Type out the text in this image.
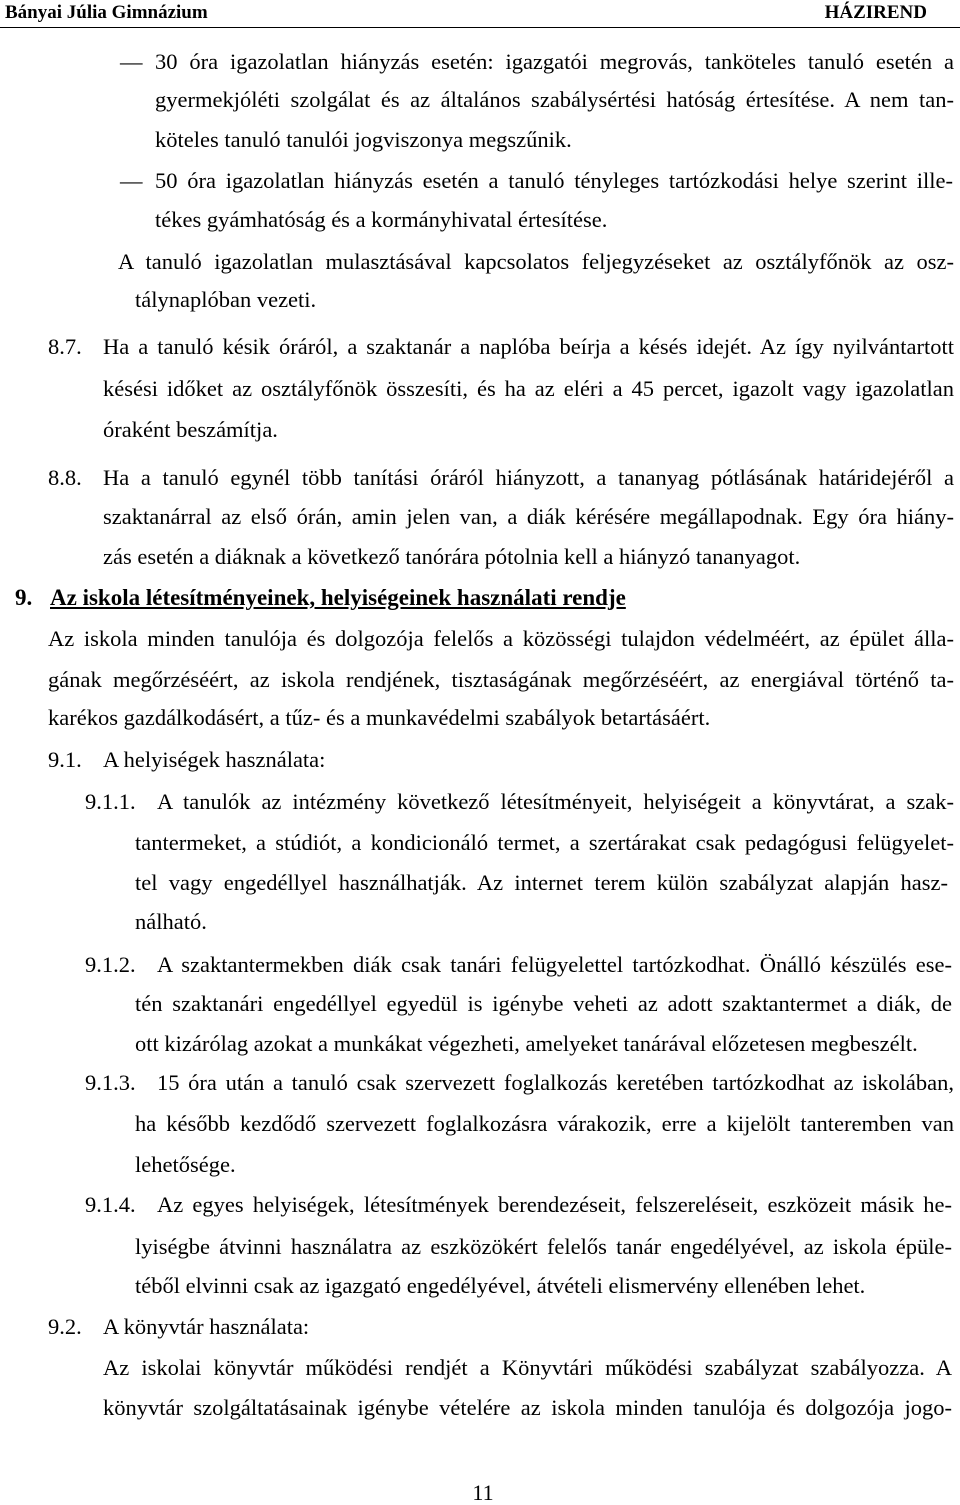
Bányai Júlia Gimnázium	HÁZIREND
— 30 óra igazolatlan hiányzás esetén: igazgatói megrovás, tanköteles tanuló esetén a
gyermekjóléti szolgálat és az általános szabálysértési hatóság értesítése. A nem tan-
köteles tanuló tanulói jogviszonya megszűnik.
— 50 óra igazolatlan hiányzás esetén a tanuló tényleges tartózkodási helye szerint ille-
tékes gyámhatóság és a kormányhivatal értesítése.
A tanuló igazolatlan mulasztásával kapcsolatos feljegyzéseket az osztályfőnök az osz-
tálynaplóban vezeti.
8.7. Ha a tanuló késik óráról, a szaktanár a naplóba beírja a késés idejét. Az így nyilvántartott
késési időket az osztályfőnök összesíti, és ha az eléri a 45 percet, igazolt vagy igazolatlan
óraként beszámítja.
8.8. Ha a tanuló egynél több tanítási óráról hiányzott, a tananyag pótlásának határidejéről a
szaktanárral az első órán, amin jelen van, a diák kérésére megállapodnak. Egy óra hiány-
zás esetén a diáknak a következő tanórára pótolnia kell a hiányzó tananyagot.
9. Az iskola létesítményeinek, helyiségeinek használati rendje
Az iskola minden tanulója és dolgozója felelős a közösségi tulajdon védelméért, az épület álla-
gának megőrzéséért, az iskola rendjének, tisztaságának megőrzéséért, az energiával történő ta-
karékos gazdálkodásért, a tűz- és a munkavédelmi szabályok betartásáért.
9.1. A helyiségek használata:
9.1.1. A tanulók az intézmény következő létesítményeit, helyiségeit a könyvtárat, a szak-
tantermeket, a stúdiót, a kondicionáló termet, a szertárakat csak pedagógusi felügyelet-
tel vagy engedéllyel használhatják. Az internet terem külön szabályzat alapján hasz-
nálható.
9.1.2. A szaktantermekben diák csak tanári felügyelettel tartózkodhat. Önálló készülés ese-
tén szaktanári engedéllyel egyedül is igénybe veheti az adott szaktantermet a diák, de
ott kizárólag azokat a munkákat végezheti, amelyeket tanárával előzetesen megbeszélt.
9.1.3. 15 óra után a tanuló csak szervezett foglalkozás keretében tartózkodhat az iskolában,
ha később kezdődő szervezett foglalkozásra várakozik, erre a kijelölt tanteremben van
lehetősége.
9.1.4. Az egyes helyiségek, létesítmények berendezéseit, felszereléseit, eszközeit másik he-
lyiségbe átvinni használatra az eszközökért felelős tanár engedélyével, az iskola épüle-
téből elvinni csak az igazgató engedélyével, átvételi elismervény ellenében lehet.
9.2. A könyvtár használata:
Az iskolai könyvtár működési rendjét a Könyvtári működési szabályzat szabályozza. A
könyvtár szolgáltatásainak igénybe vételére az iskola minden tanulója és dolgozója jogo-
11
